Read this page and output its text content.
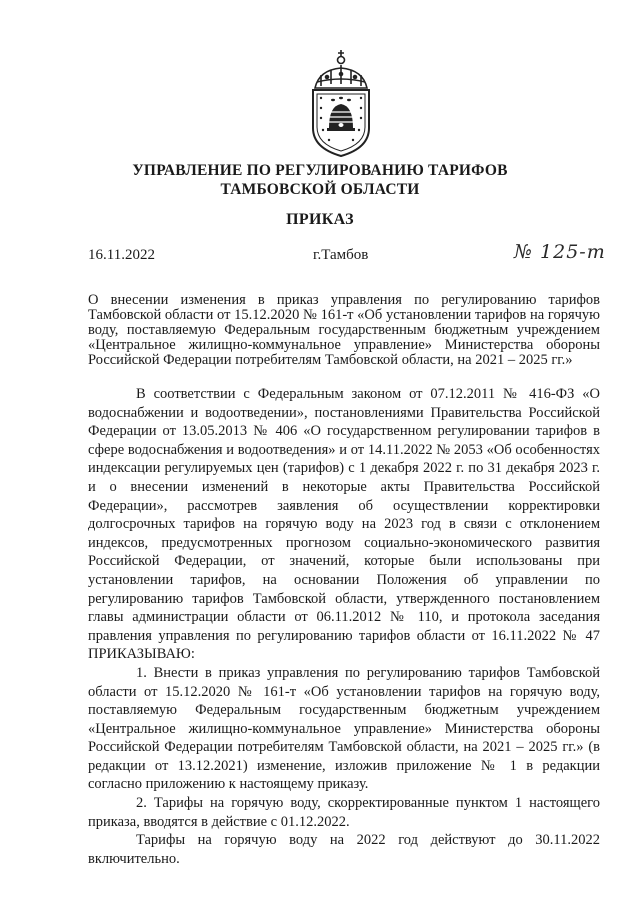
УПРАВЛЕНИЕ ПО РЕГУЛИРОВАНИЮ ТАРИФОВ
ТАМБОВСКОЙ ОБЛАСТИ
ПРИКАЗ
16.11.2022	г.Тамбов	№ 125-т
О внесении изменения в приказ управления по регулированию тарифов Тамбовской области от 15.12.2020 № 161-т «Об установлении тарифов на горячую воду, поставляемую Федеральным государственным бюджетным учреждением «Центральное жилищно-коммунальное управление» Министерства обороны Российской Федерации потребителям Тамбовской области, на 2021 – 2025 гг.»

В соответствии с Федеральным законом от 07.12.2011 № 416-ФЗ «О водоснабжении и водоотведении», постановлениями Правительства Российской Федерации от 13.05.2013 № 406 «О государственном регулировании тарифов в сфере водоснабжения и водоотведения» и от 14.11.2022 № 2053 «Об особенностях индексации регулируемых цен (тарифов) с 1 декабря 2022 г. по 31 декабря 2023 г. и о внесении изменений в некоторые акты Правительства Российской Федерации», рассмотрев заявления об осуществлении корректировки долгосрочных тарифов на горячую воду на 2023 год в связи с отклонением индексов, предусмотренных прогнозом социально-экономического развития Российской Федерации, от значений, которые были использованы при установлении тарифов, на основании Положения об управлении по регулированию тарифов Тамбовской области, утвержденного постановлением главы администрации области от 06.11.2012 № 110, и протокола заседания правления управления по регулированию тарифов области от 16.11.2022 № 47 ПРИКАЗЫВАЮ:

1. Внести в приказ управления по регулированию тарифов Тамбовской области от 15.12.2020 № 161-т «Об установлении тарифов на горячую воду, поставляемую Федеральным государственным бюджетным учреждением «Центральное жилищно-коммунальное управление» Министерства обороны Российской Федерации потребителям Тамбовской области, на 2021 – 2025 гг.» (в редакции от 13.12.2021) изменение, изложив приложение № 1 в редакции согласно приложению к настоящему приказу.

2. Тарифы на горячую воду, скорректированные пунктом 1 настоящего приказа, вводятся в действие с 01.12.2022.

Тарифы на горячую воду на 2022 год действуют до 30.11.2022 включительно.
